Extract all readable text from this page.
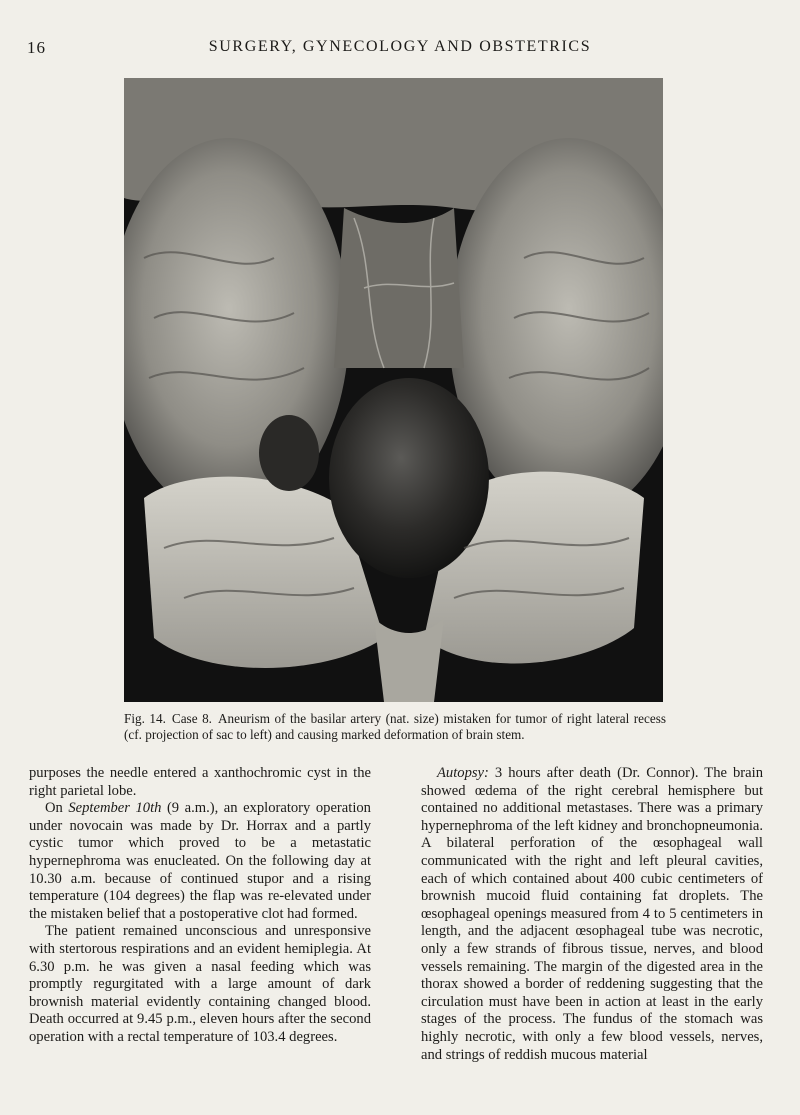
16	SURGERY, GYNECOLOGY AND OBSTETRICS
Fig. 14. Case 8. Aneurism of the basilar artery (nat. size) mistaken for tumor of right lateral recess (cf. projection of sac to left) and causing marked deformation of brain stem.

purposes the needle entered a xanthochromic cyst in the right parietal lobe.

On September 10th (9 a.m.), an exploratory operation under novocain was made by Dr. Horrax and a partly cystic tumor which proved to be a metastatic hypernephroma was enucleated. On the following day at 10.30 a.m. because of continued stupor and a rising temperature (104 degrees) the flap was re-elevated under the mistaken belief that a postoperative clot had formed.

The patient remained unconscious and unresponsive with stertorous respirations and an evident hemiplegia. At 6.30 p.m. he was given a nasal feeding which was promptly regurgitated with a large amount of dark brownish material evidently containing changed blood. Death occurred at 9.45 p.m., eleven hours after the second operation with a rectal temperature of 103.4 degrees.

Autopsy: 3 hours after death (Dr. Connor). The brain showed œdema of the right cerebral hemisphere but contained no additional metastases. There was a primary hypernephroma of the left kidney and bronchopneumonia. A bilateral perforation of the œsophageal wall communicated with the right and left pleural cavities, each of which contained about 400 cubic centimeters of brownish mucoid fluid containing fat droplets. The œsophageal openings measured from 4 to 5 centimeters in length, and the adjacent œsophageal tube was necrotic, only a few strands of fibrous tissue, nerves, and blood vessels remaining. The margin of the digested area in the thorax showed a border of reddening suggesting that the circulation must have been in action at least in the early stages of the process. The fundus of the stomach was highly necrotic, with only a few blood vessels, nerves, and strings of reddish mucous material
